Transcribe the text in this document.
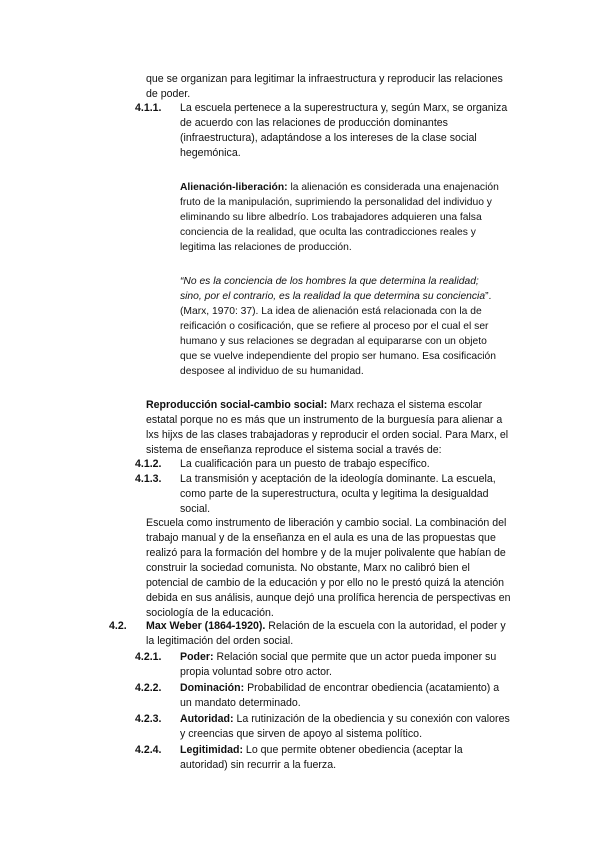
que se organizan para legitimar la infraestructura y reproducir las relaciones
de poder.
4.1.1. La escuela pertenece a la superestructura y, según Marx, se organiza
de acuerdo con las relaciones de producción dominantes
(infraestructura), adaptándose a los intereses de la clase social
hegemónica.
Alienación-liberación: la alienación es considerada una enajenación
fruto de la manipulación, suprimiendo la personalidad del individuo y
eliminando su libre albedrío. Los trabajadores adquieren una falsa
conciencia de la realidad, que oculta las contradicciones reales y
legitima las relaciones de producción.
“No es la conciencia de los hombres la que determina la realidad;
sino, por el contrario, es la realidad la que determina su conciencia”.
(Marx, 1970: 37). La idea de alienación está relacionada con la de
reificación o cosificación, que se refiere al proceso por el cual el ser
humano y sus relaciones se degradan al equipararse con un objeto
que se vuelve independiente del propio ser humano. Esa cosificación
desposee al individuo de su humanidad.
Reproducción social-cambio social: Marx rechaza el sistema escolar
estatal porque no es más que un instrumento de la burguesía para alienar a
lxs hijxs de las clases trabajadoras y reproducir el orden social. Para Marx, el
sistema de enseñanza reproduce el sistema social a través de:
4.1.2. La cualificación para un puesto de trabajo específico.
4.1.3. La transmisión y aceptación de la ideología dominante. La escuela,
como parte de la superestructura, oculta y legitima la desigualdad
social.
Escuela como instrumento de liberación y cambio social. La combinación del
trabajo manual y de la enseñanza en el aula es una de las propuestas que
realizó para la formación del hombre y de la mujer polivalente que habían de
construir la sociedad comunista. No obstante, Marx no calibró bien el
potencial de cambio de la educación y por ello no le prestó quizá la atención
debida en sus análisis, aunque dejó una prolífica herencia de perspectivas en
sociología de la educación.
4.2. Max Weber (1864-1920). Relación de la escuela con la autoridad, el poder y
la legitimación del orden social.
4.2.1. Poder: Relación social que permite que un actor pueda imponer su
propia voluntad sobre otro actor.
4.2.2. Dominación: Probabilidad de encontrar obediencia (acatamiento) a
un mandato determinado.
4.2.3. Autoridad: La rutinización de la obediencia y su conexión con valores
y creencias que sirven de apoyo al sistema político.
4.2.4. Legitimidad: Lo que permite obtener obediencia (aceptar la
autoridad) sin recurrir a la fuerza.
